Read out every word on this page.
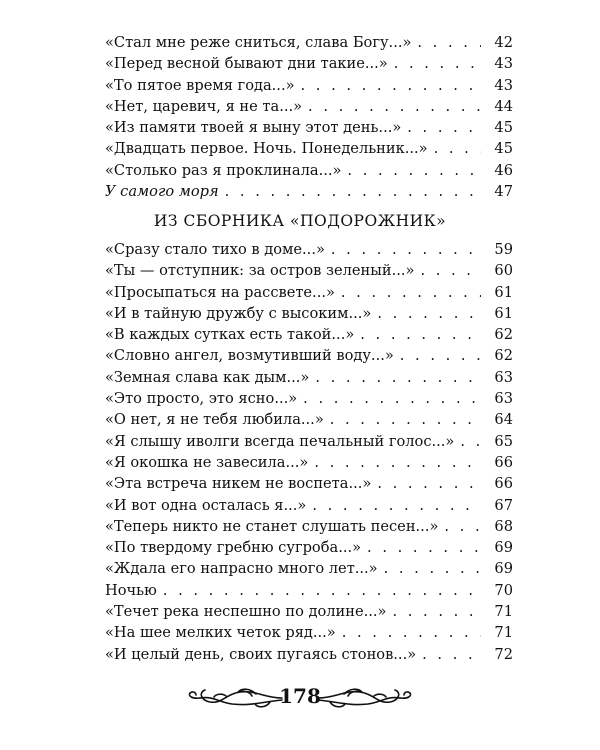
«Стал мне реже сниться, слава Богу...» . . .	42
«Перед весной бывают дни такие...» . . .	43
«То пятое время года...» . . .	43
«Нет, царевич, я не та...» . . .	44
«Из памяти твоей я выну этот день...» . . .	45
«Двадцать первое. Ночь. Понедельник...» . . .	45
«Столько раз я проклинала...» . . .	46
У самого моря . . .	47
ИЗ СБОРНИКА «ПОДОРОЖНИК»
«Сразу стало тихо в доме...» . . .	59
«Ты — отступник: за остров зеленый...» . . .	60
«Просыпаться на рассвете...» . . .	61
«И в тайную дружбу с высоким...» . . .	61
«В каждых сутках есть такой...» . . .	62
«Словно ангел, возмутивший воду...» . . .	62
«Земная слава как дым...» . . .	63
«Это просто, это ясно...» . . .	63
«О нет, я не тебя любила...» . . .	64
«Я слышу иволги всегда печальный голос...» . . .	65
«Я окошка не завесила...» . . .	66
«Эта встреча никем не воспета...» . . .	66
«И вот одна осталась я...» . . .	67
«Теперь никто не станет слушать песен...» . . .	68
«По твердому гребню сугроба...» . . .	69
«Ждала его напрасно много лет...» . . .	69
Ночью . . .	70
«Течет река неспешно по долине...» . . .	71
«На шее мелких четок ряд...» . . .	71
«И целый день, своих пугаясь стонов...» . . .	72
178
